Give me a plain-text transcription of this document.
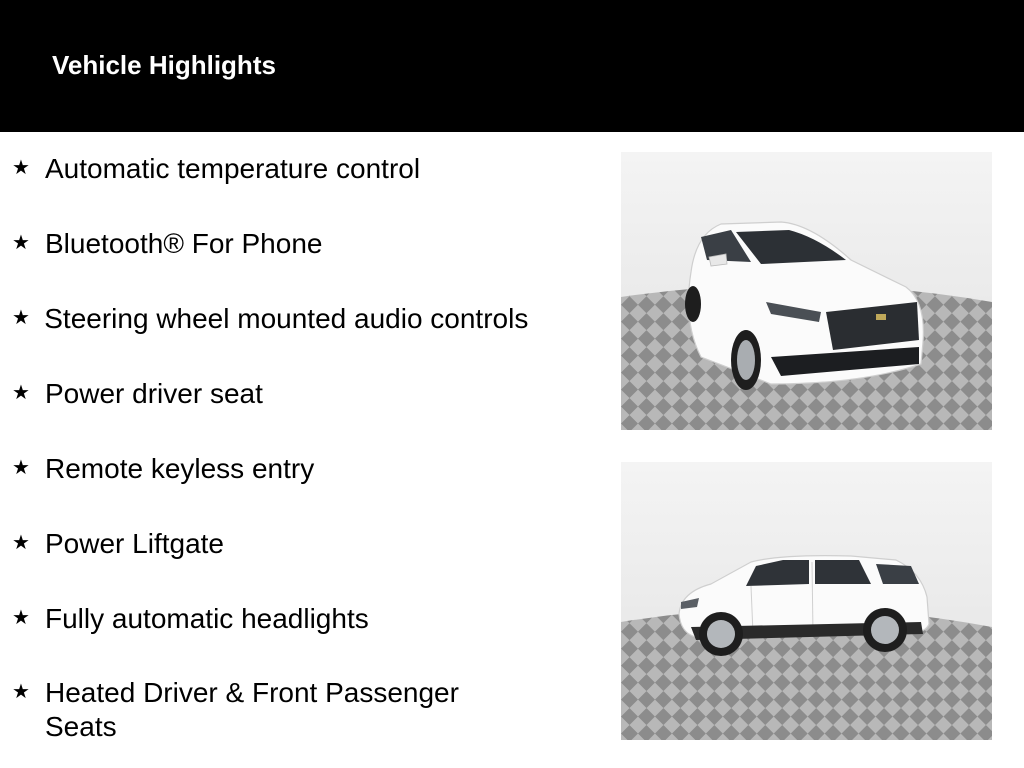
Vehicle Highlights
★ Automatic temperature control
★ Bluetooth® For Phone
★ Steering wheel mounted audio controls
★ Power driver seat
★ Remote keyless entry
★ Power Liftgate
★ Fully automatic headlights
★ Heated Driver & Front Passenger Seats
